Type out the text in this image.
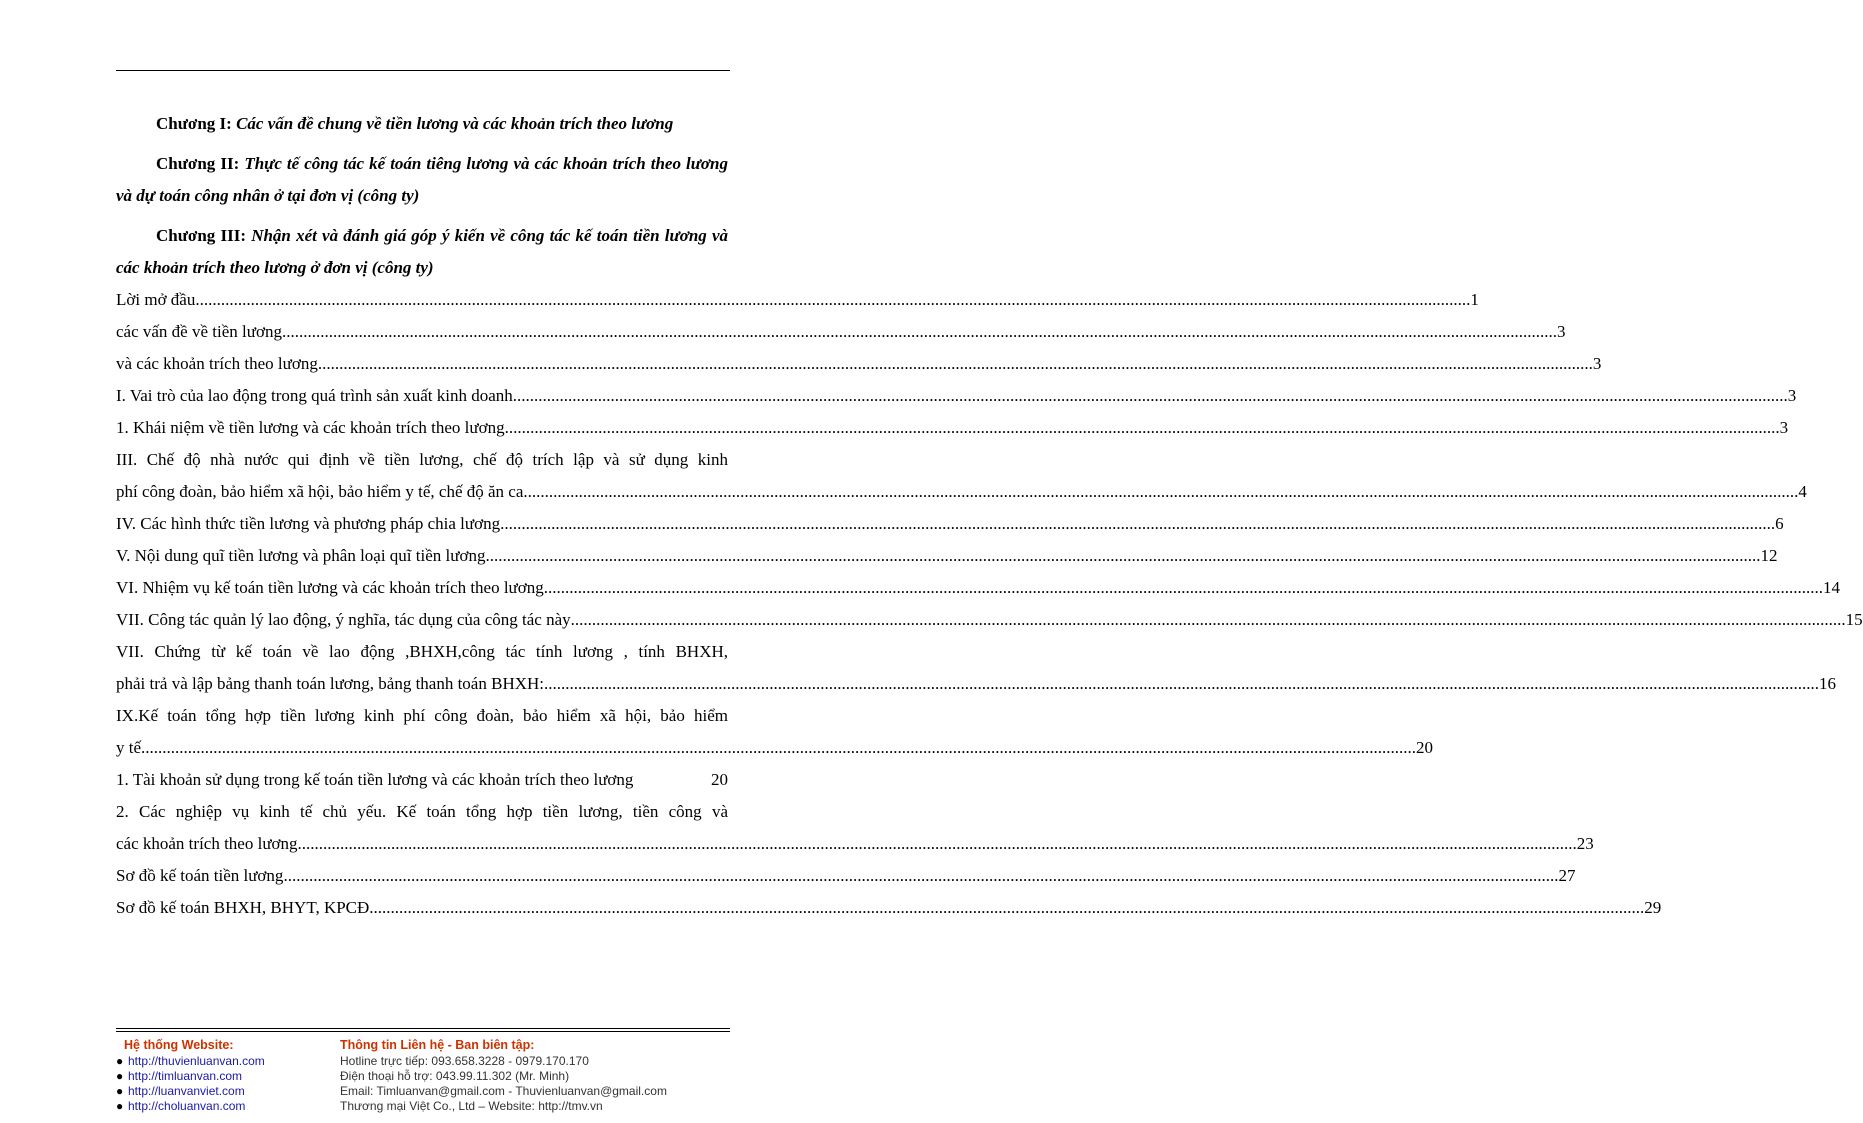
Chương I: Các vấn đề chung về tiền lương và các khoản trích theo lương

Chương II: Thực tế công tác kế toán tiêng lương và các khoản trích theo lương và dự toán công nhân ở tại đơn vị (công ty)

Chương III: Nhận xét và đánh giá góp ý kiến về công tác kế toán tiền lương và các khoản trích theo lương ở đơn vị (công ty)

Lời mở đầu ............................................................................................................................................................................................................................................................................................................ 1
các vấn đề về tiền lương ............................................................................................................................................................................................................................................................................................................ 3
và các khoản trích theo lương ............................................................................................................................................................................................................................................................................................................ 3
I. Vai trò của lao động trong quá trình sản xuất kinh doanh ............................................................................................................................................................................................................................................................................................................ 3
1. Khái niệm về tiền lương và các khoản trích theo lương ............................................................................................................................................................................................................................................................................................................ 3
III. Chế độ nhà nước qui định về tiền lương, chế độ trích lập và sử dụng kinh
phí công đoàn, bảo hiểm xã hội, bảo hiểm y tế, chế độ ăn ca ............................................................................................................................................................................................................................................................................................................ 4
IV. Các hình thức tiền lương và phương pháp chia lương ............................................................................................................................................................................................................................................................................................................ 6
V. Nội dung quĩ tiền lương và phân loại quĩ tiền lương ............................................................................................................................................................................................................................................................................................................ 12
VI. Nhiệm vụ kế toán tiền lương và các khoản trích theo lương. ............................................................................................................................................................................................................................................................................................................ 14
VII. Công tác quản lý lao động, ý nghĩa, tác dụng của công tác này ............................................................................................................................................................................................................................................................................................................ 15
VII. Chứng từ kế toán về lao động ,BHXH,công tác tính lương , tính BHXH,
phải trả và lập bảng thanh toán lương, bảng thanh toán BHXH: ............................................................................................................................................................................................................................................................................................................ 16
IX.Kế toán tổng hợp tiền lương kinh phí công đoàn, bảo hiểm xã hội, bảo hiểm
y tế ............................................................................................................................................................................................................................................................................................................ 20
1. Tài khoản sử dụng trong kế toán tiền lương và các khoản trích theo lương	20
2. Các nghiệp vụ kinh tế chủ yếu. Kế toán tổng hợp tiền lương, tiền công và
các khoản trích theo lương. ............................................................................................................................................................................................................................................................................................................ 23
Sơ đồ kế toán tiền lương ............................................................................................................................................................................................................................................................................................................ 27
Sơ đồ kế toán BHXH, BHYT, KPCĐ ............................................................................................................................................................................................................................................................................................................ 29
Hệ thống Website:
● http://thuvienluanvan.com
● http://timluanvan.com
● http://luanvanviet.com
● http://choluanvan.com
Thông tin Liên hệ - Ban biên tập:
Hotline trực tiếp: 093.658.3228 - 0979.170.170
Điện thoại hỗ trợ: 043.99.11.302 (Mr. Minh)
Email: Timluanvan@gmail.com - Thuvienluanvan@gmail.com
Thương mại Việt Co., Ltd – Website: http://tmv.vn
